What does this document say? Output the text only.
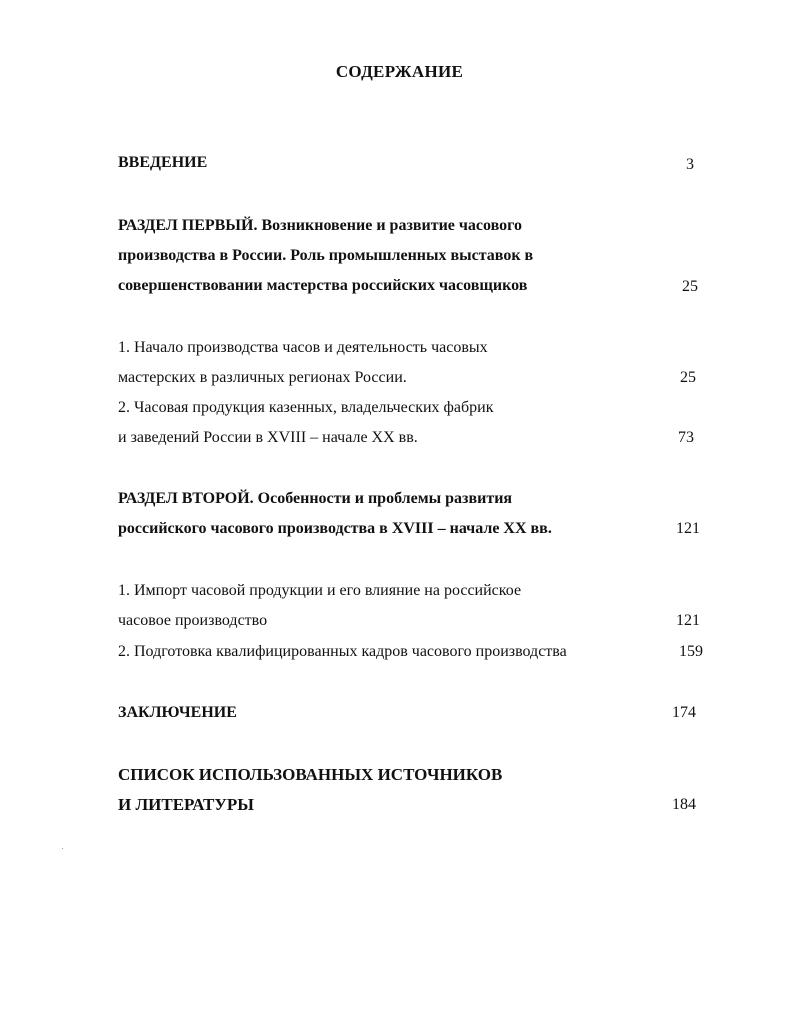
СОДЕРЖАНИЕ
ВВЕДЕНИЕ	3
РАЗДЕЛ ПЕРВЫЙ. Возникновение и развитие часового
производства в России. Роль промышленных выставок в
совершенствовании мастерства российских часовщиков	25
1. Начало производства часов и деятельность часовых
мастерских в различных регионах России.	25
2. Часовая продукция казенных, владельческих фабрик
и заведений России в XVIII – начале XX вв.	73
РАЗДЕЛ ВТОРОЙ. Особенности и проблемы развития
российского часового производства в XVIII – начале XX вв.	121
1. Импорт часовой продукции и его влияние на российское
часовое производство	121
2. Подготовка квалифицированных кадров часового производства	159
ЗАКЛЮЧЕНИЕ	174
СПИСОК ИСПОЛЬЗОВАННЫХ ИСТОЧНИКОВ
И ЛИТЕРАТУРЫ	184
